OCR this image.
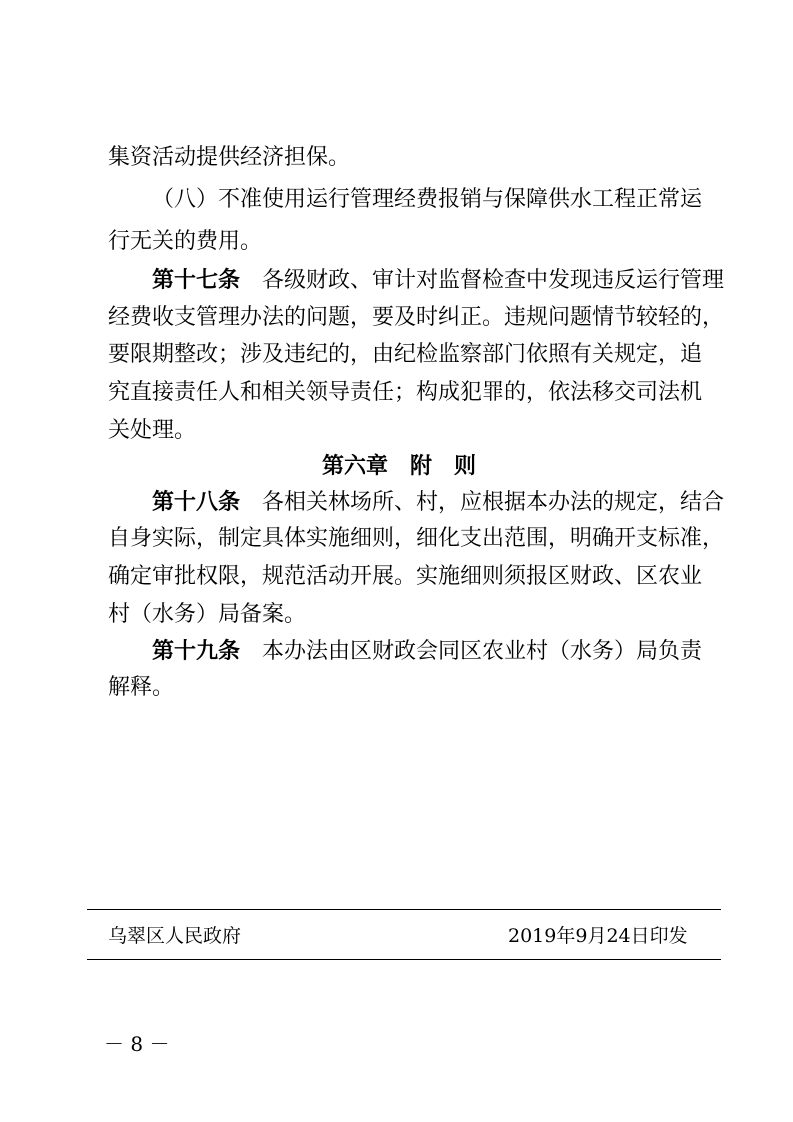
集资活动提供经济担保。
（八）不准使用运行管理经费报销与保障供水工程正常运
行无关的费用。
第十七条　 各级财政、审计对监督检查中发现违反运行管理
经费收支管理办法的问题，要及时纠正。违规问题情节较轻的，
要限期整改；涉及违纪的，由纪检监察部门依照有关规定，追
究直接责任人和相关领导责任；构成犯罪的，依法移交司法机
关处理。
第十八条　 各相关林场所、村，应根据本办法的规定，结合
自身实际，制定具体实施细则，细化支出范围，明确开支标准，
确定审批权限，规范活动开展。实施细则须报区财政、区农业
村（水务）局备案。
第十九条　 本办法由区财政会同区农业村（水务）局负责
解释。
第六章　附　则
乌翠区人民政府	2019年9月24日印发
－ 8 －
